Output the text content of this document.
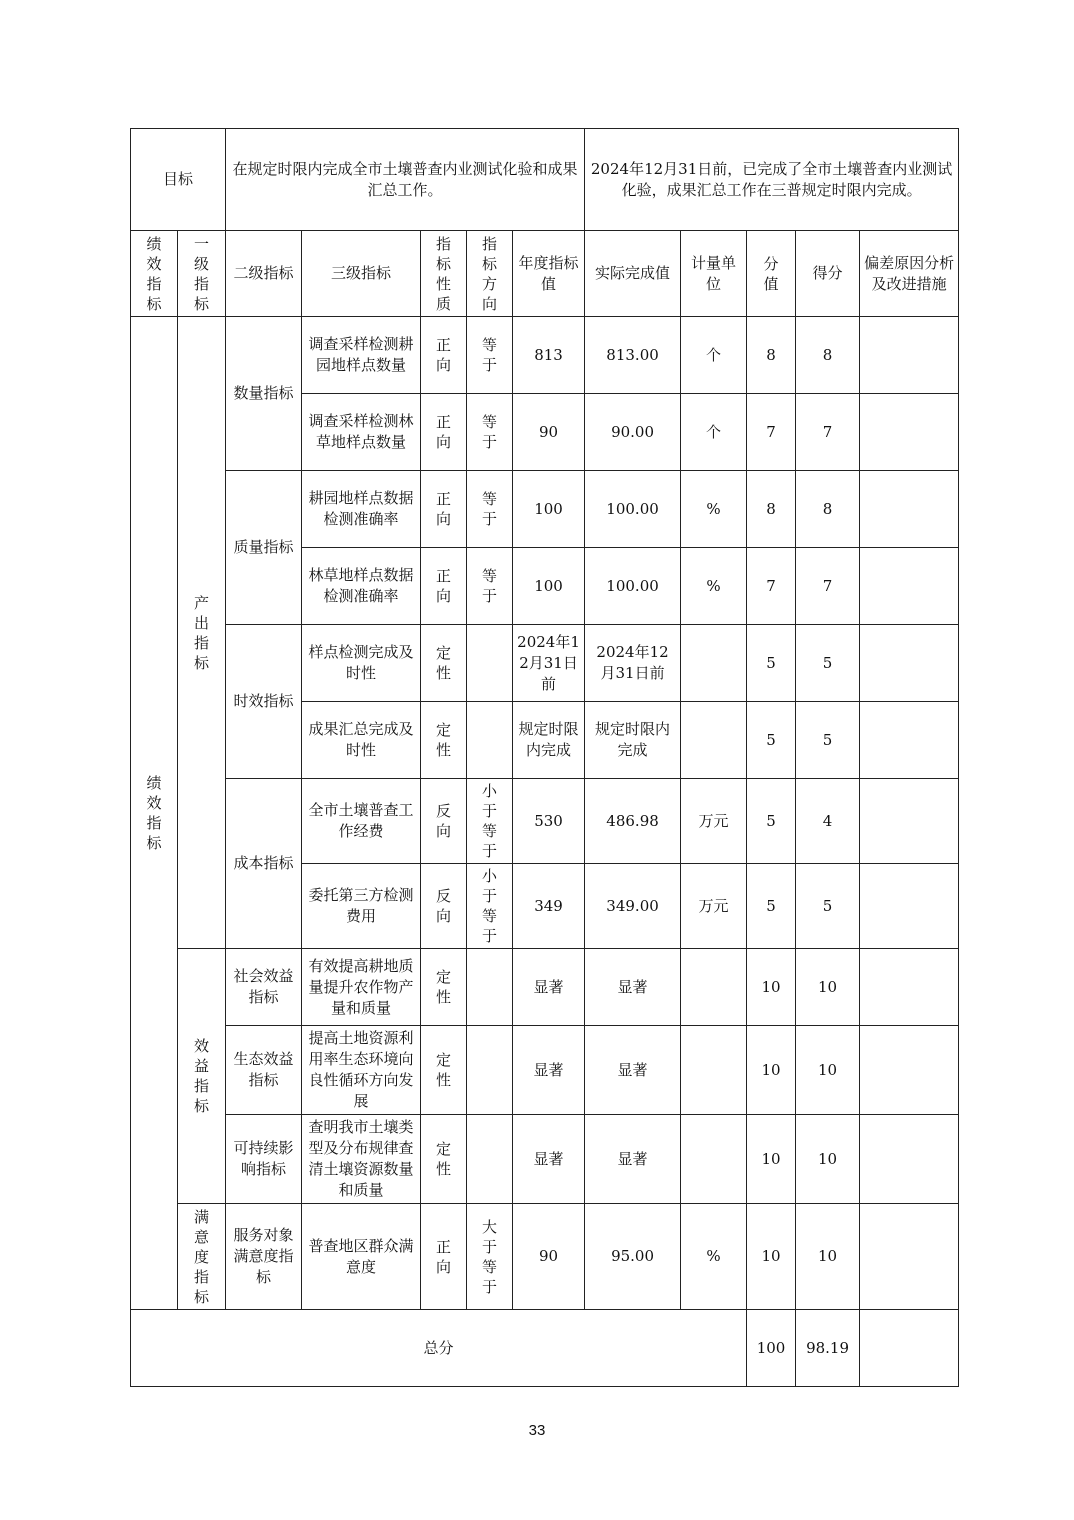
目标		在规定时限内完成全市土壤普查内业测试化验和成果汇总工作。					2024年12月31日前，已完成了全市土壤普查内业测试化验，成果汇总工作在三普规定时限内完成。				

绩效指标	一级指标	二级指标	三级指标	指标性质	指标方向	年度指标值	实际完成值	计量单位	分值	得分	偏差原因分析及改进措施

绩效指标	产出指标	数量指标	调查采样检测耕园地样点数量	正向	等于	813	813.00	个	8	8	
			调查采样检测林草地样点数量	正向	等于	90	90.00	个	7	7	
		质量指标	耕园地样点数据检测准确率	正向	等于	100	100.00	%	8	8	
			林草地样点数据检测准确率	正向	等于	100	100.00	%	7	7	
		时效指标	样点检测完成及时性	定性		2024年12月31日前	2024年12月31日前		5	5	
			成果汇总完成及时性	定性		规定时限内完成	规定时限内完成		5	5	
		成本指标	全市土壤普查工作经费	反向	小于等于	530	486.98	万元	5	4	
			委托第三方检测费用	反向	小于等于	349	349.00	万元	5	5	

	效益指标	社会效益指标	有效提高耕地质量提升农作物产量和质量	定性		显著	显著		10	10	
		生态效益指标	提高土地资源利用率生态环境向良性循环方向发展	定性		显著	显著		10	10	
		可持续影响指标	查明我市土壤类型及分布规律查清土壤资源数量和质量	定性		显著	显著		10	10	

	满意度指标	服务对象满意度指标	普查地区群众满意度	正向	大于等于	90	95.00	%	10	10	
总分									100	98.19	
33
